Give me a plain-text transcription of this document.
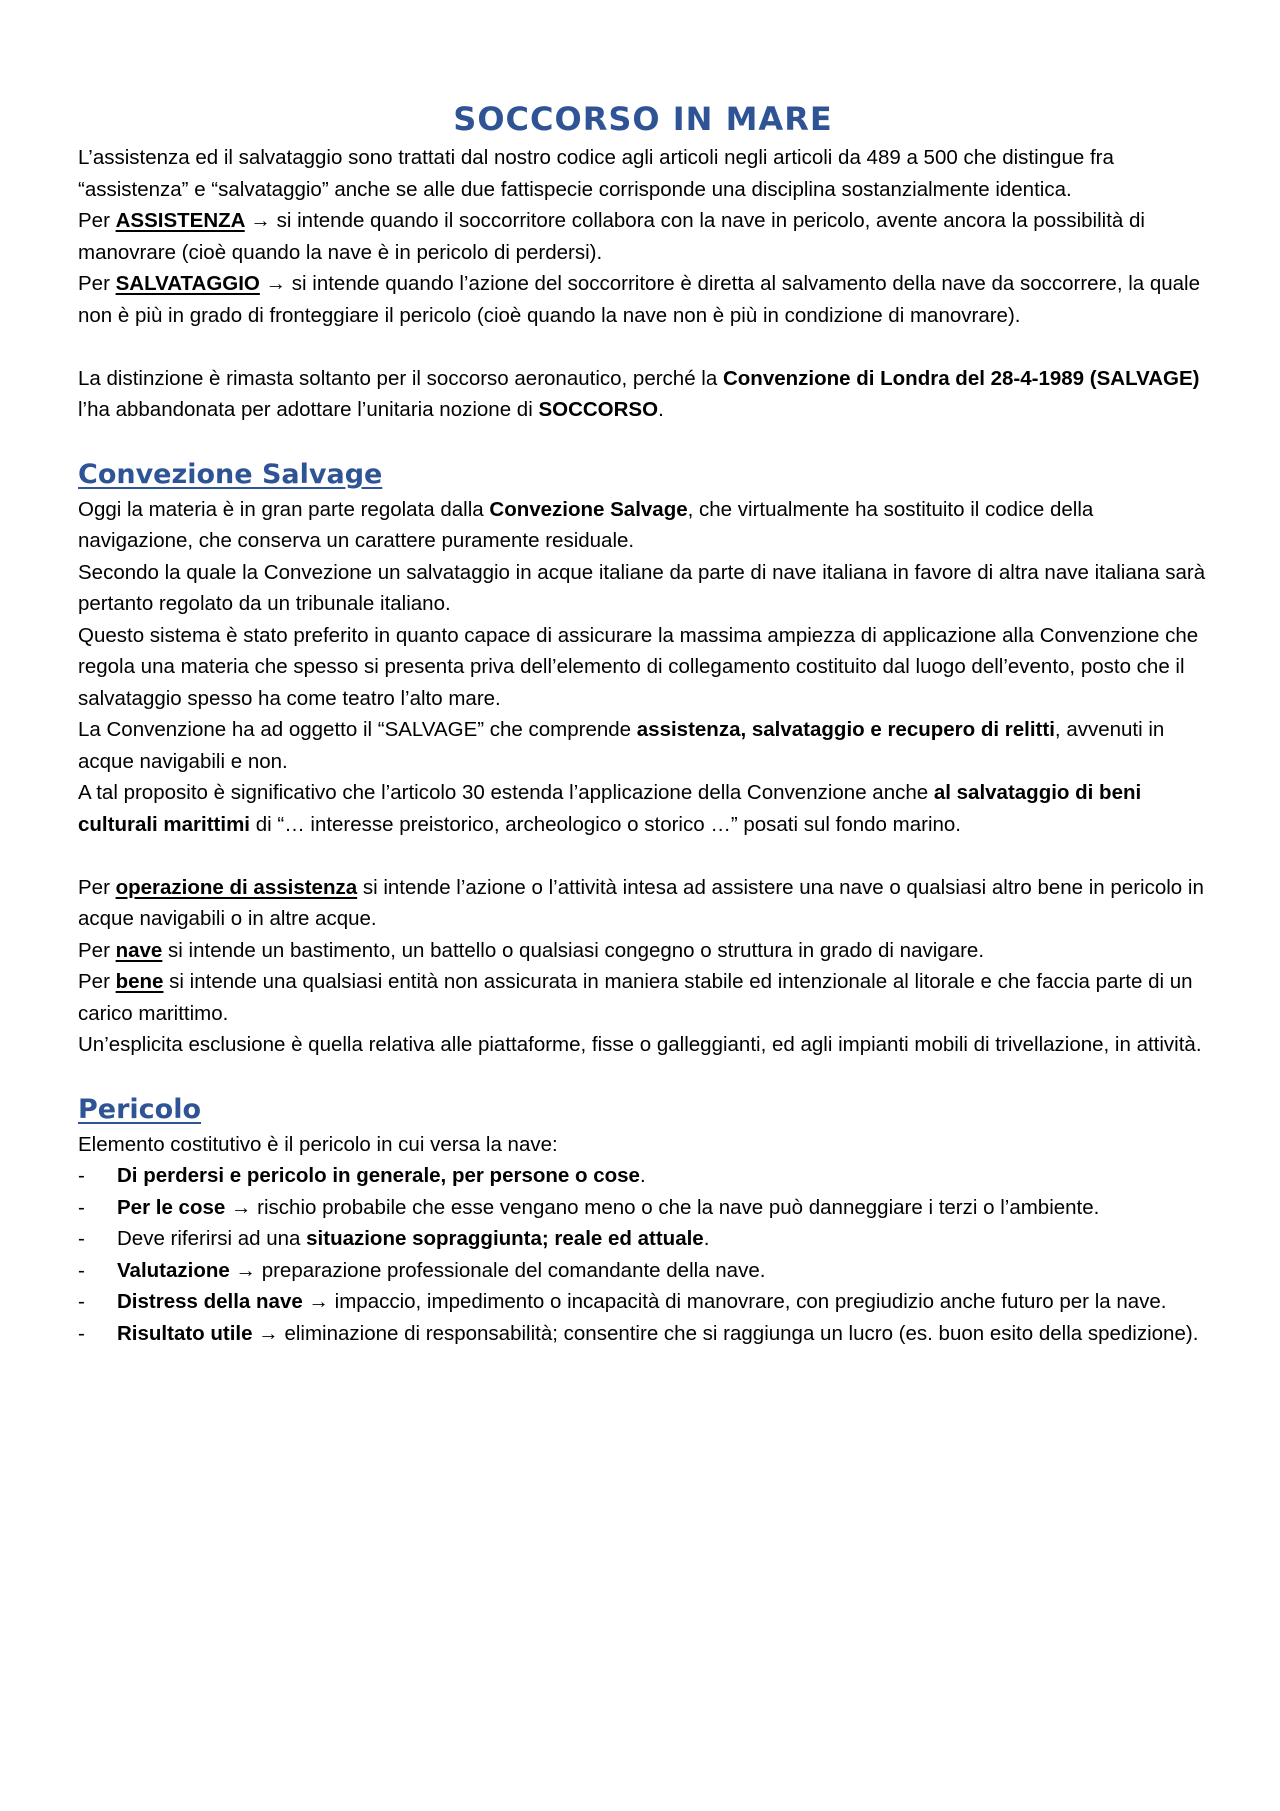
SOCCORSO IN MARE

L’assistenza ed il salvataggio sono trattati dal nostro codice agli articoli negli articoli da 489 a 500 che distingue fra “assistenza” e “salvataggio” anche se alle due fattispecie corrisponde una disciplina sostanzialmente identica.

Per ASSISTENZA → si intende quando il soccorritore collabora con la nave in pericolo, avente ancora la possibilità di manovrare (cioè quando la nave è in pericolo di perdersi).

Per SALVATAGGIO → si intende quando l’azione del soccorritore è diretta al salvamento della nave da soccorrere, la quale non è più in grado di fronteggiare il pericolo (cioè quando la nave non è più in condizione di manovrare).

La distinzione è rimasta soltanto per il soccorso aeronautico, perché la Convenzione di Londra del 28-4-1989 (SALVAGE) l’ha abbandonata per adottare l’unitaria nozione di SOCCORSO.

Convezione Salvage

Oggi la materia è in gran parte regolata dalla Convezione Salvage, che virtualmente ha sostituito il codice della navigazione, che conserva un carattere puramente residuale.

Secondo la quale la Convezione un salvataggio in acque italiane da parte di nave italiana in favore di altra nave italiana sarà pertanto regolato da un tribunale italiano.

Questo sistema è stato preferito in quanto capace di assicurare la massima ampiezza di applicazione alla Convenzione che regola una materia che spesso si presenta priva dell’elemento di collegamento costituito dal luogo dell’evento, posto che il salvataggio spesso ha come teatro l’alto mare.

La Convenzione ha ad oggetto il “SALVAGE” che comprende assistenza, salvataggio e recupero di relitti, avvenuti in acque navigabili e non.

A tal proposito è significativo che l’articolo 30 estenda l’applicazione della Convenzione anche al salvataggio di beni culturali marittimi di “… interesse preistorico, archeologico o storico …” posati sul fondo marino.

Per operazione di assistenza si intende l’azione o l’attività intesa ad assistere una nave o qualsiasi altro bene in pericolo in acque navigabili o in altre acque.

Per nave si intende un bastimento, un battello o qualsiasi congegno o struttura in grado di navigare.

Per bene si intende una qualsiasi entità non assicurata in maniera stabile ed intenzionale al litorale e che faccia parte di un carico marittimo.

Un’esplicita esclusione è quella relativa alle piattaforme, fisse o galleggianti, ed agli impianti mobili di trivellazione, in attività.

Pericolo

Elemento costitutivo è il pericolo in cui versa la nave:

- Di perdersi e pericolo in generale, per persone o cose.
- Per le cose → rischio probabile che esse vengano meno o che la nave può danneggiare i terzi o l’ambiente.
- Deve riferirsi ad una situazione sopraggiunta; reale ed attuale.
- Valutazione → preparazione professionale del comandante della nave.
- Distress della nave → impaccio, impedimento o incapacità di manovrare, con pregiudizio anche futuro per la nave.
- Risultato utile → eliminazione di responsabilità; consentire che si raggiunga un lucro (es. buon esito della spedizione).
